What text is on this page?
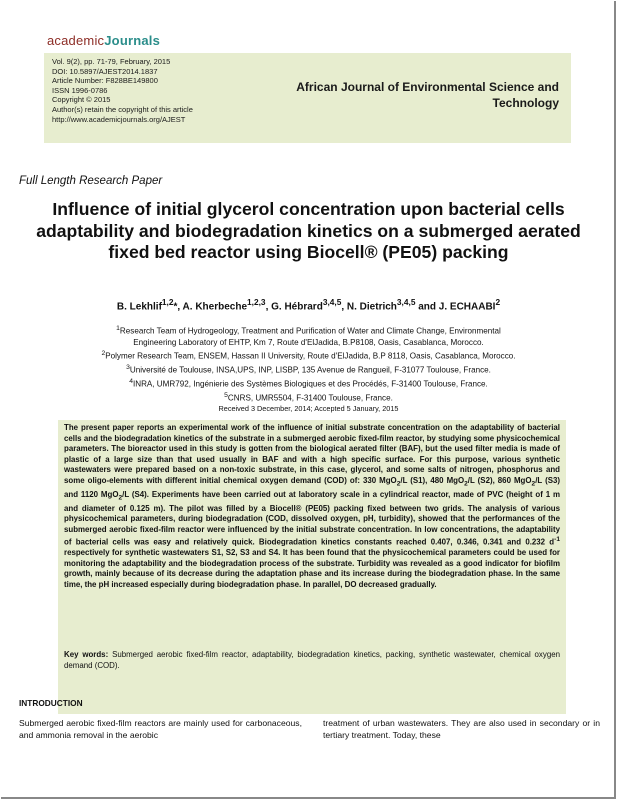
academicJournals
Vol. 9(2), pp. 71-79, February, 2015
DOI: 10.5897/AJEST2014.1837
Article Number: F828BE149800
ISSN 1996-0786
Copyright © 2015
Author(s) retain the copyright of this article
http://www.academicjournals.org/AJEST
African Journal of Environmental Science and Technology
Full Length Research Paper
Influence of initial glycerol concentration upon bacterial cells adaptability and biodegradation kinetics on a submerged aerated fixed bed reactor using Biocell® (PE05) packing
B. Lekhlif$^{1,2}$*, A. Kherbeche$^{1,2,3}$, G. Hébrard$^{3,4,5}$, N. Dietrich$^{3,4,5}$ and J. ECHAABI$^2$
$^1$Research Team of Hydrogeology, Treatment and Purification of Water and Climate Change, Environmental
Engineering Laboratory of EHTP, Km 7, Route d'ElJadida, B.P8108, Oasis, Casablanca, Morocco.
$^2$Polymer Research Team, ENSEM, Hassan II University, Route d'ElJadida, B.P 8118, Oasis, Casablanca, Morocco.
$^3$Université de Toulouse, INSA,UPS, INP, LISBP, 135 Avenue de Rangueil, F-31077 Toulouse, France.
$^4$INRA, UMR792, Ingénierie des Systèmes Biologiques et des Procédés, F-31400 Toulouse, France.
$^5$CNRS, UMR5504, F-31400 Toulouse, France.
Received 3 December, 2014; Accepted 5 January, 2015
The present paper reports an experimental work of the influence of initial substrate concentration on the adaptability of bacterial cells and the biodegradation kinetics of the substrate in a submerged aerobic fixed-film reactor, by studying some physicochemical parameters. The bioreactor used in this study is gotten from the biological aerated filter (BAF), but the used filter media is made of plastic of a large size than that used usually in BAF and with a high specific surface. For this purpose, various synthetic wastewaters were prepared based on a non-toxic substrate, in this case, glycerol, and some salts of nitrogen, phosphorus and some oligo-elements with different initial chemical oxygen demand (COD) of: 330 MgO$_2$/L (S1), 480 MgO$_2$/L (S2), 860 MgO$_2$/L (S3) and 1120 MgO$_2$/L (S4). Experiments have been carried out at laboratory scale in a cylindrical reactor, made of PVC (height of 1 m and diameter of 0.125 m). The pilot was filled by a Biocell® (PE05) packing fixed between two grids. The analysis of various physicochemical parameters, during biodegradation (COD, dissolved oxygen, pH, turbidity), showed that the performances of the submerged aerobic fixed-film reactor were influenced by the initial substrate concentration. In low concentrations, the adaptability of bacterial cells was easy and relatively quick. Biodegradation kinetics constants reached 0.407, 0.346, 0.341 and 0.232 $d^{-1}$ respectively for synthetic wastewaters S1, S2, S3 and S4. It has been found that the physicochemical parameters could be used for monitoring the adaptability and the biodegradation process of the substrate. Turbidity was revealed as a good indicator for biofilm growth, mainly because of its decrease during the adaptation phase and its increase during the biodegradation phase. In the same time, the pH increased especially during biodegradation phase. In parallel, DO decreased gradually.
Key words: Submerged aerobic fixed-film reactor, adaptability, biodegradation kinetics, packing, synthetic wastewater, chemical oxygen demand (COD).
INTRODUCTION
Submerged aerobic fixed-film reactors are mainly used for carbonaceous, and ammonia removal in the aerobic
treatment of urban wastewaters. They are also used in secondary or in tertiary treatment. Today, these
